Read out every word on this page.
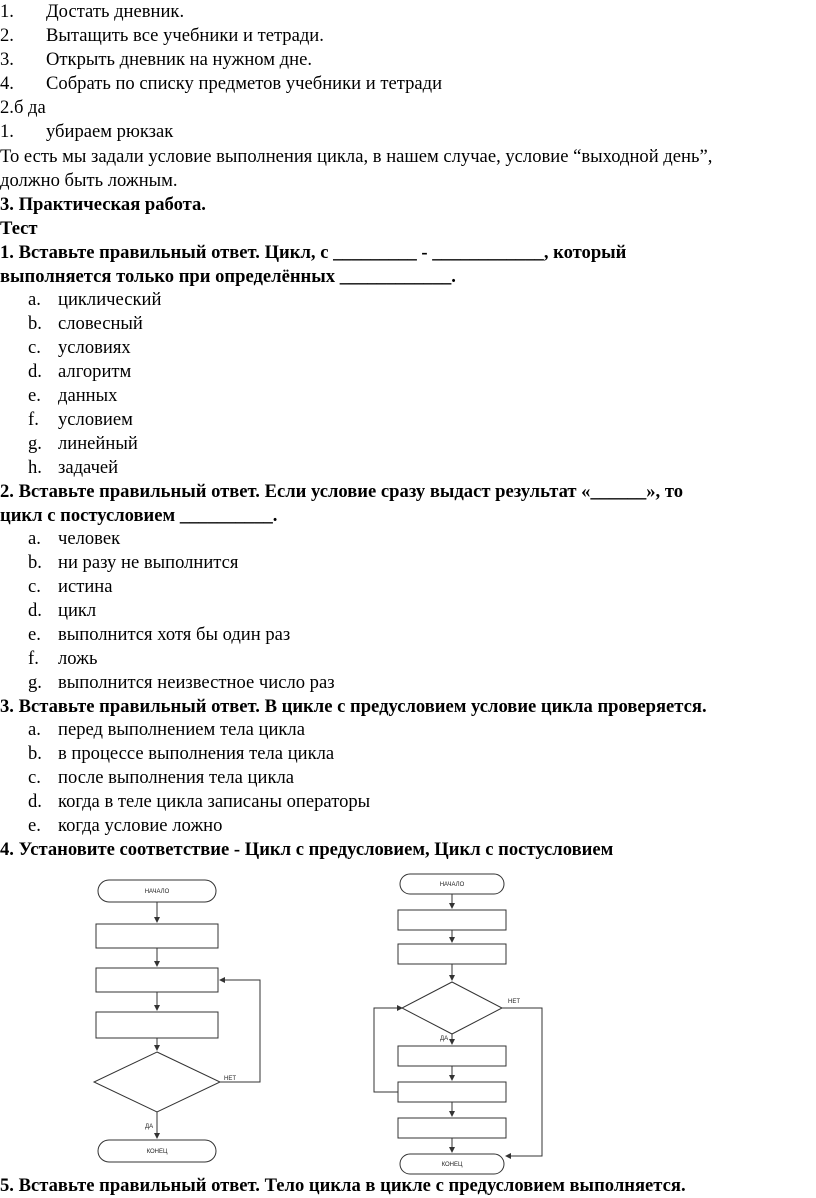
1.	Достать дневник.
2.	Вытащить все учебники и тетради.
3.	Открыть дневник на нужном дне.
4.	Собрать по списку предметов учебники и тетради
2.б да
1.	убираем рюкзак
То есть мы задали условие выполнения цикла, в нашем случае, условие “выходной день”,
должно быть ложным.
3. Практическая работа.
Тест
1. Вставьте правильный ответ. Цикл, с _________ - ____________, который
выполняется только при определённых ____________.
a. циклический
b. словесный
c. условиях
d. алгоритм
e. данных
f.	условием
g. линейный
h. задачей
2. Вставьте правильный ответ. Если условие сразу выдаст результат «______», то
цикл с постусловием __________.
a. человек
b. ни разу не выполнится
c. истина
d. цикл
e. выполнится хотя бы один раз
f.	ложь
g. выполнится неизвестное число раз
3. Вставьте правильный ответ. В цикле с предусловием условие цикла проверяется.
a. перед выполнением тела цикла
b. в процессе выполнения тела цикла
c. после выполнения тела цикла
d. когда в теле цикла записаны операторы
e. когда условие ложно
4. Установите соответствие - Цикл с предусловием, Цикл с постусловием
НАЧАЛО
НЕТ
ДА
КОНЕЦ
НАЧАЛО
НЕТ
ДА
КОНЕЦ
5. Вставьте правильный ответ. Тело цикла в цикле с предусловием выполняется.
